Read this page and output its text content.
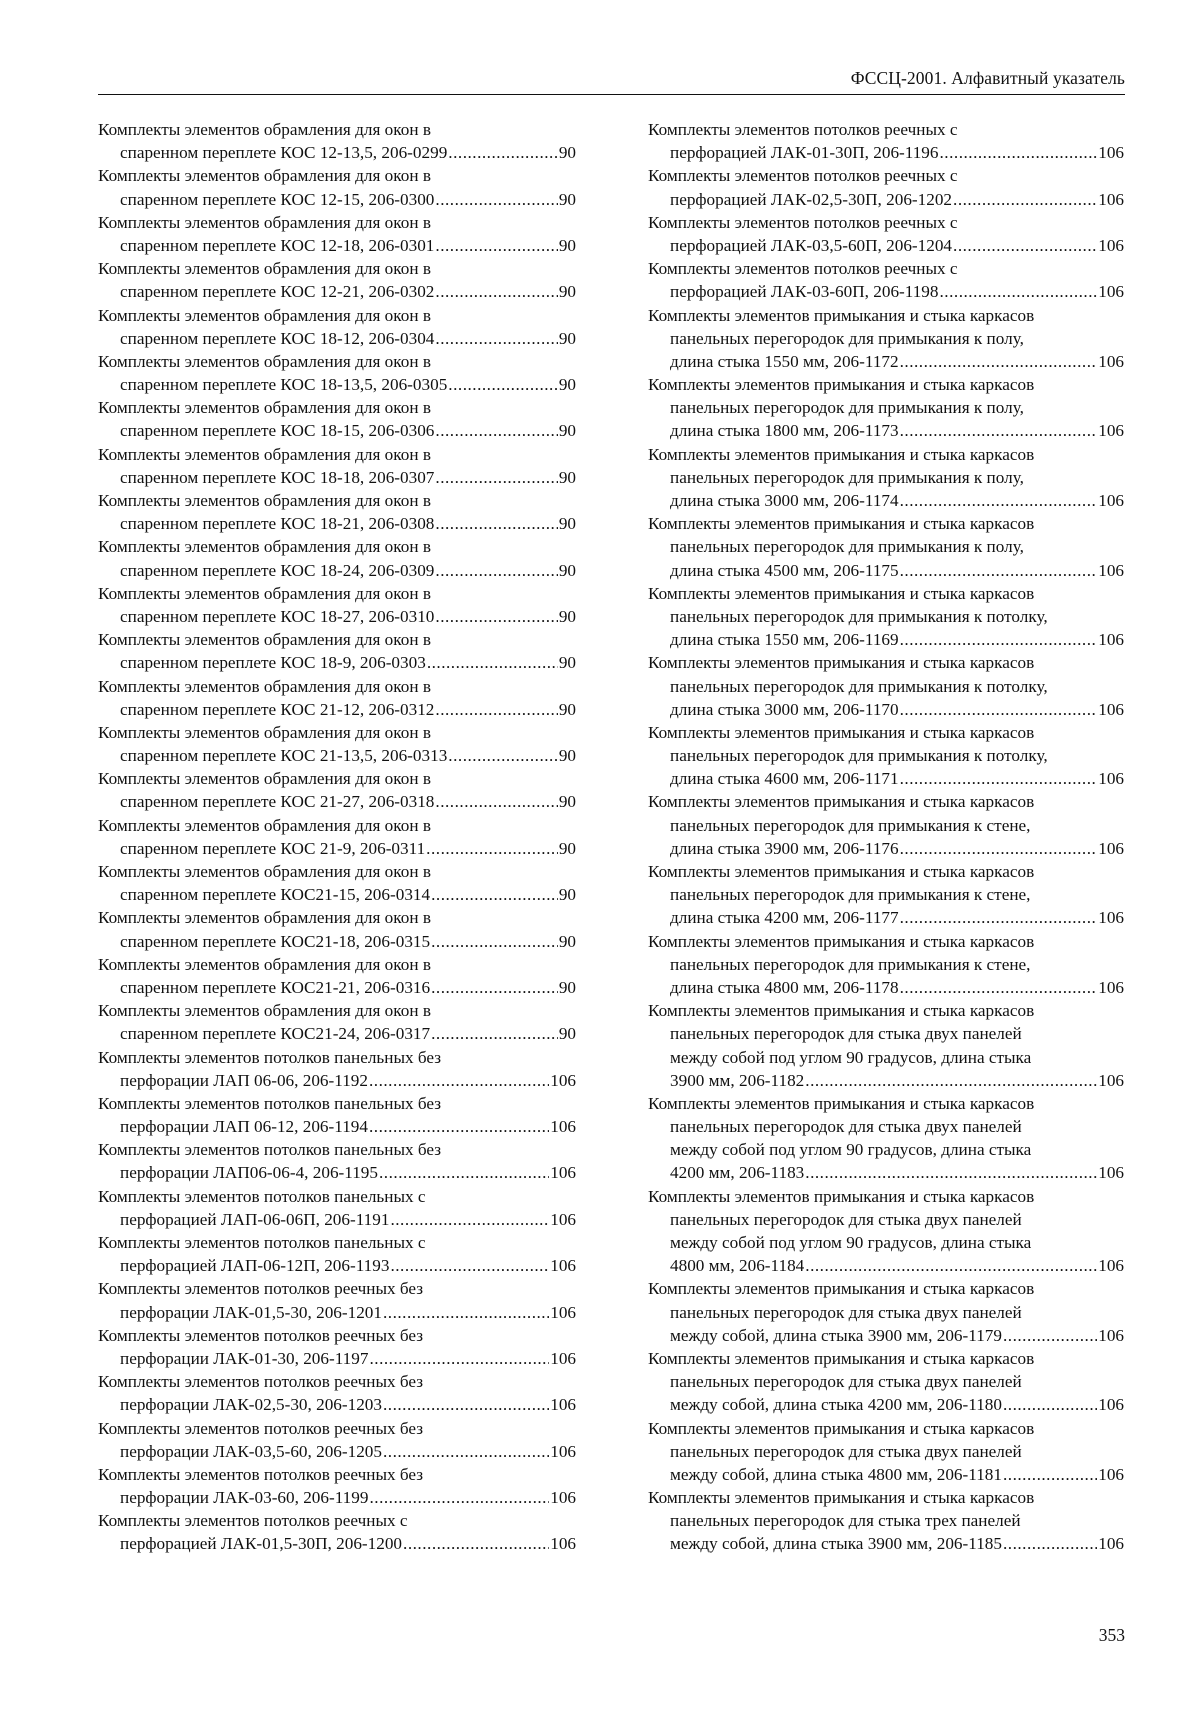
ФССЦ-2001. Алфавитный указатель
Комплекты элементов обрамления для окон в
спаренном переплете КОС 12-13,5, 206-0299 .....	90
Комплекты элементов обрамления для окон в
спаренном переплете КОС 12-15, 206-0300 .....	90
Комплекты элементов обрамления для окон в
спаренном переплете КОС 12-18, 206-0301 .....	90
Комплекты элементов обрамления для окон в
спаренном переплете КОС 12-21, 206-0302 .....	90
Комплекты элементов обрамления для окон в
спаренном переплете КОС 18-12, 206-0304 .....	90
Комплекты элементов обрамления для окон в
спаренном переплете КОС 18-13,5, 206-0305 .....	90
Комплекты элементов обрамления для окон в
спаренном переплете КОС 18-15, 206-0306 .....	90
Комплекты элементов обрамления для окон в
спаренном переплете КОС 18-18, 206-0307 .....	90
Комплекты элементов обрамления для окон в
спаренном переплете КОС 18-21, 206-0308 .....	90
Комплекты элементов обрамления для окон в
спаренном переплете КОС 18-24, 206-0309 .....	90
Комплекты элементов обрамления для окон в
спаренном переплете КОС 18-27, 206-0310 .....	90
Комплекты элементов обрамления для окон в
спаренном переплете КОС 18-9, 206-0303 .....	90
Комплекты элементов обрамления для окон в
спаренном переплете КОС 21-12, 206-0312 .....	90
Комплекты элементов обрамления для окон в
спаренном переплете КОС 21-13,5, 206-0313 .....	90
Комплекты элементов обрамления для окон в
спаренном переплете КОС 21-27, 206-0318 .....	90
Комплекты элементов обрамления для окон в
спаренном переплете КОС 21-9, 206-0311 .....	90
Комплекты элементов обрамления для окон в
спаренном переплете КОС21-15, 206-0314 .....	90
Комплекты элементов обрамления для окон в
спаренном переплете КОС21-18, 206-0315 .....	90
Комплекты элементов обрамления для окон в
спаренном переплете КОС21-21, 206-0316 .....	90
Комплекты элементов обрамления для окон в
спаренном переплете КОС21-24, 206-0317 .....	90
Комплекты элементов потолков панельных без
перфорации ЛАП 06-06, 206-1192 .....	106
Комплекты элементов потолков панельных без
перфорации ЛАП 06-12, 206-1194 .....	106
Комплекты элементов потолков панельных без
перфорации ЛАП06-06-4, 206-1195 .....	106
Комплекты элементов потолков панельных с
перфорацией ЛАП-06-06П, 206-1191 .....	106
Комплекты элементов потолков панельных с
перфорацией ЛАП-06-12П, 206-1193 .....	106
Комплекты элементов потолков реечных без
перфорации ЛАК-01,5-30, 206-1201 .....	106
Комплекты элементов потолков реечных без
перфорации ЛАК-01-30, 206-1197 .....	106
Комплекты элементов потолков реечных без
перфорации ЛАК-02,5-30, 206-1203 .....	106
Комплекты элементов потолков реечных без
перфорации ЛАК-03,5-60, 206-1205 .....	106
Комплекты элементов потолков реечных без
перфорации ЛАК-03-60, 206-1199 .....	106
Комплекты элементов потолков реечных с
перфорацией ЛАК-01,5-30П, 206-1200 .....	106
Комплекты элементов потолков реечных с
перфорацией ЛАК-01-30П, 206-1196 .....	106
Комплекты элементов потолков реечных с
перфорацией ЛАК-02,5-30П, 206-1202 .....	106
Комплекты элементов потолков реечных с
перфорацией ЛАК-03,5-60П, 206-1204 .....	106
Комплекты элементов потолков реечных с
перфорацией ЛАК-03-60П, 206-1198 .....	106
Комплекты элементов примыкания и стыка каркасов
панельных перегородок для примыкания к полу,
длина стыка 1550 мм, 206-1172 .....	106
Комплекты элементов примыкания и стыка каркасов
панельных перегородок для примыкания к полу,
длина стыка 1800 мм, 206-1173 .....	106
Комплекты элементов примыкания и стыка каркасов
панельных перегородок для примыкания к полу,
длина стыка 3000 мм, 206-1174 .....	106
Комплекты элементов примыкания и стыка каркасов
панельных перегородок для примыкания к полу,
длина стыка 4500 мм, 206-1175 .....	106
Комплекты элементов примыкания и стыка каркасов
панельных перегородок для примыкания к потолку,
длина стыка 1550 мм, 206-1169 .....	106
Комплекты элементов примыкания и стыка каркасов
панельных перегородок для примыкания к потолку,
длина стыка 3000 мм, 206-1170 .....	106
Комплекты элементов примыкания и стыка каркасов
панельных перегородок для примыкания к потолку,
длина стыка 4600 мм, 206-1171 .....	106
Комплекты элементов примыкания и стыка каркасов
панельных перегородок для примыкания к стене,
длина стыка 3900 мм, 206-1176 .....	106
Комплекты элементов примыкания и стыка каркасов
панельных перегородок для примыкания к стене,
длина стыка 4200 мм, 206-1177 .....	106
Комплекты элементов примыкания и стыка каркасов
панельных перегородок для примыкания к стене,
длина стыка 4800 мм, 206-1178 .....	106
Комплекты элементов примыкания и стыка каркасов
панельных перегородок для стыка двух панелей
между собой под углом 90 градусов, длина стыка
3900 мм, 206-1182 .....	106
Комплекты элементов примыкания и стыка каркасов
панельных перегородок для стыка двух панелей
между собой под углом 90 градусов, длина стыка
4200 мм, 206-1183 .....	106
Комплекты элементов примыкания и стыка каркасов
панельных перегородок для стыка двух панелей
между собой под углом 90 градусов, длина стыка
4800 мм, 206-1184 .....	106
Комплекты элементов примыкания и стыка каркасов
панельных перегородок для стыка двух панелей
между собой, длина стыка 3900 мм, 206-1179 .....	106
Комплекты элементов примыкания и стыка каркасов
панельных перегородок для стыка двух панелей
между собой, длина стыка 4200 мм, 206-1180 .....	106
Комплекты элементов примыкания и стыка каркасов
панельных перегородок для стыка двух панелей
между собой, длина стыка 4800 мм, 206-1181 .....	106
Комплекты элементов примыкания и стыка каркасов
панельных перегородок для стыка трех панелей
между собой, длина стыка 3900 мм, 206-1185 .....	106
353
